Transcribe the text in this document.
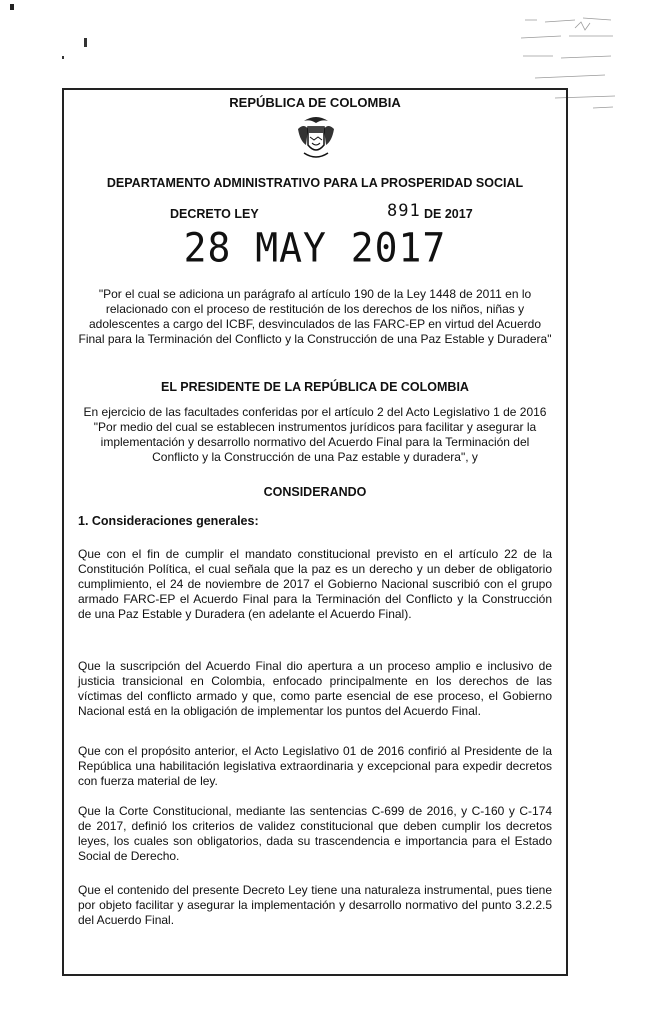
REPÚBLICA DE COLOMBIA
DEPARTAMENTO ADMINISTRATIVO PARA LA PROSPERIDAD SOCIAL
DECRETO LEY	891 DE 2017
28 MAY 2017
"Por el cual se adiciona un parágrafo al artículo 190 de la Ley 1448 de 2011 en lo relacionado con el proceso de restitución de los derechos de los niños, niñas y adolescentes a cargo del ICBF, desvinculados de las FARC-EP en virtud del Acuerdo Final para la Terminación del Conflicto y la Construcción de una Paz Estable y Duradera"
EL PRESIDENTE DE LA REPÚBLICA DE COLOMBIA
En ejercicio de las facultades conferidas por el artículo 2 del Acto Legislativo 1 de 2016 "Por medio del cual se establecen instrumentos jurídicos para facilitar y asegurar la implementación y desarrollo normativo del Acuerdo Final para la Terminación del Conflicto y la Construcción de una Paz estable y duradera", y
CONSIDERANDO
1. Consideraciones generales:
Que con el fin de cumplir el mandato constitucional previsto en el artículo 22 de la Constitución Política, el cual señala que la paz es un derecho y un deber de obligatorio cumplimiento, el 24 de noviembre de 2017 el Gobierno Nacional suscribió con el grupo armado FARC-EP el Acuerdo Final para la Terminación del Conflicto y la Construcción de una Paz Estable y Duradera (en adelante el Acuerdo Final).
Que la suscripción del Acuerdo Final dio apertura a un proceso amplio e inclusivo de justicia transicional en Colombia, enfocado principalmente en los derechos de las víctimas del conflicto armado y que, como parte esencial de ese proceso, el Gobierno Nacional está en la obligación de implementar los puntos del Acuerdo Final.
Que con el propósito anterior, el Acto Legislativo 01 de 2016 confirió al Presidente de la República una habilitación legislativa extraordinaria y excepcional para expedir decretos con fuerza material de ley.
Que la Corte Constitucional, mediante las sentencias C-699 de 2016, y C-160 y C-174 de 2017, definió los criterios de validez constitucional que deben cumplir los decretos leyes, los cuales son obligatorios, dada su trascendencia e importancia para el Estado Social de Derecho.
Que el contenido del presente Decreto Ley tiene una naturaleza instrumental, pues tiene por objeto facilitar y asegurar la implementación y desarrollo normativo del punto 3.2.2.5 del Acuerdo Final.
